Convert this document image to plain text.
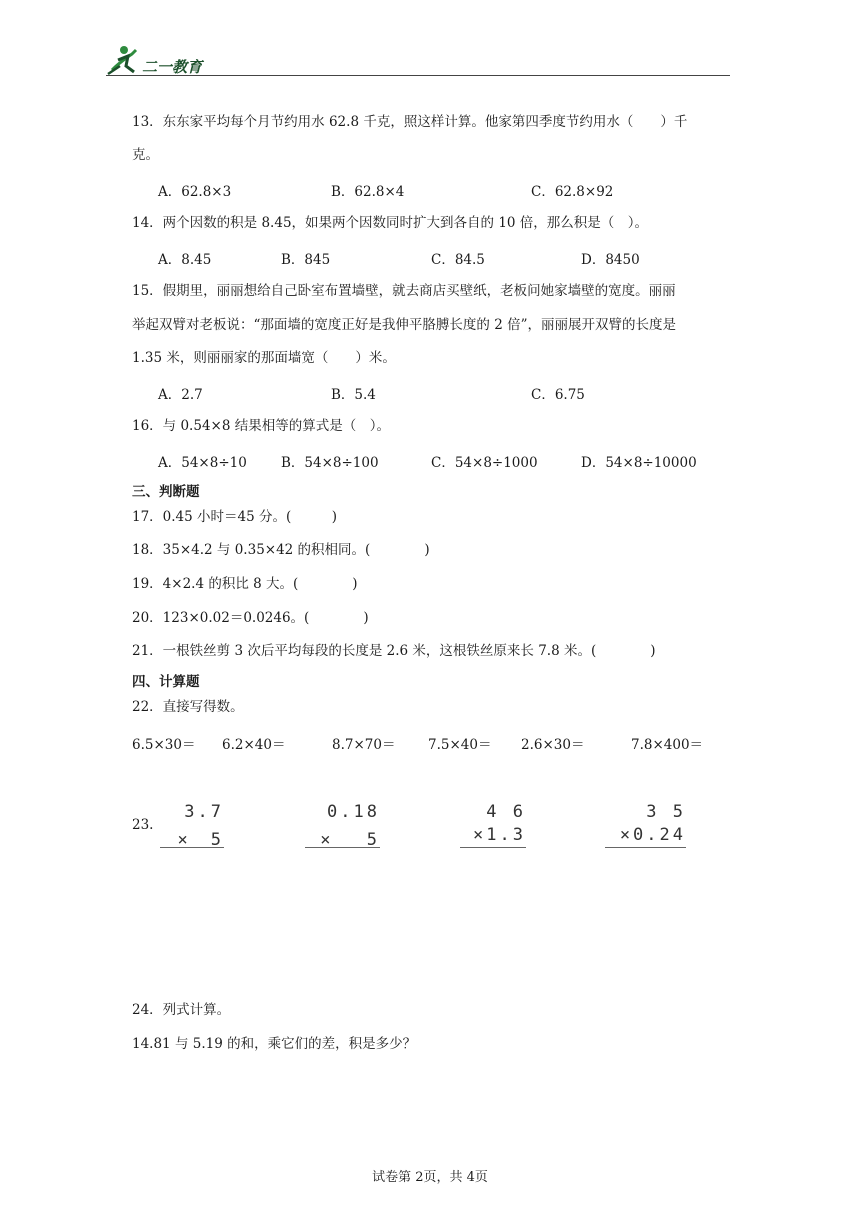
二一教育
13．东东家平均每个月节约用水 62.8 千克，照这样计算。他家第四季度节约用水（　　）千
克。
A．62.8×3	B．62.8×4	C．62.8×92
14．两个因数的积是 8.45，如果两个因数同时扩大到各自的 10 倍，那么积是（　）。
A．8.45	B．845	C．84.5	D．8450
15．假期里，丽丽想给自己卧室布置墙壁，就去商店买壁纸，老板问她家墙壁的宽度。丽丽
举起双臂对老板说：“那面墙的宽度正好是我伸平胳膊长度的 2 倍”，丽丽展开双臂的长度是
1.35 米，则丽丽家的那面墙宽（　　）米。
A．2.7	B．5.4	C．6.75
16．与 0.54×8 结果相等的算式是（　）。
A．54×8÷10	B．54×8÷100	C．54×8÷1000	D．54×8÷10000
三、判断题
17．0.45 小时＝45 分。(　　　)
18．35×4.2 与 0.35×42 的积相同。(　　　　)
19．4×2.4 的积比 8 大。(　　　　)
20．123×0.02＝0.0246。(　　　　)
21．一根铁丝剪 3 次后平均每段的长度是 2.6 米，这根铁丝原来长 7.8 米。(　　　　)
四、计算题
22．直接写得数。
6.5×30＝ 6.2×40＝	8.7×70＝ 7.5×40＝ 2.6×30＝	7.8×400＝
23.
3.7
×　5
0.18
×　 5
4 6
×1.3
3 5
×0.24
24．列式计算。
14.81 与 5.19 的和，乘它们的差，积是多少？
试卷第 2页，共 4页
